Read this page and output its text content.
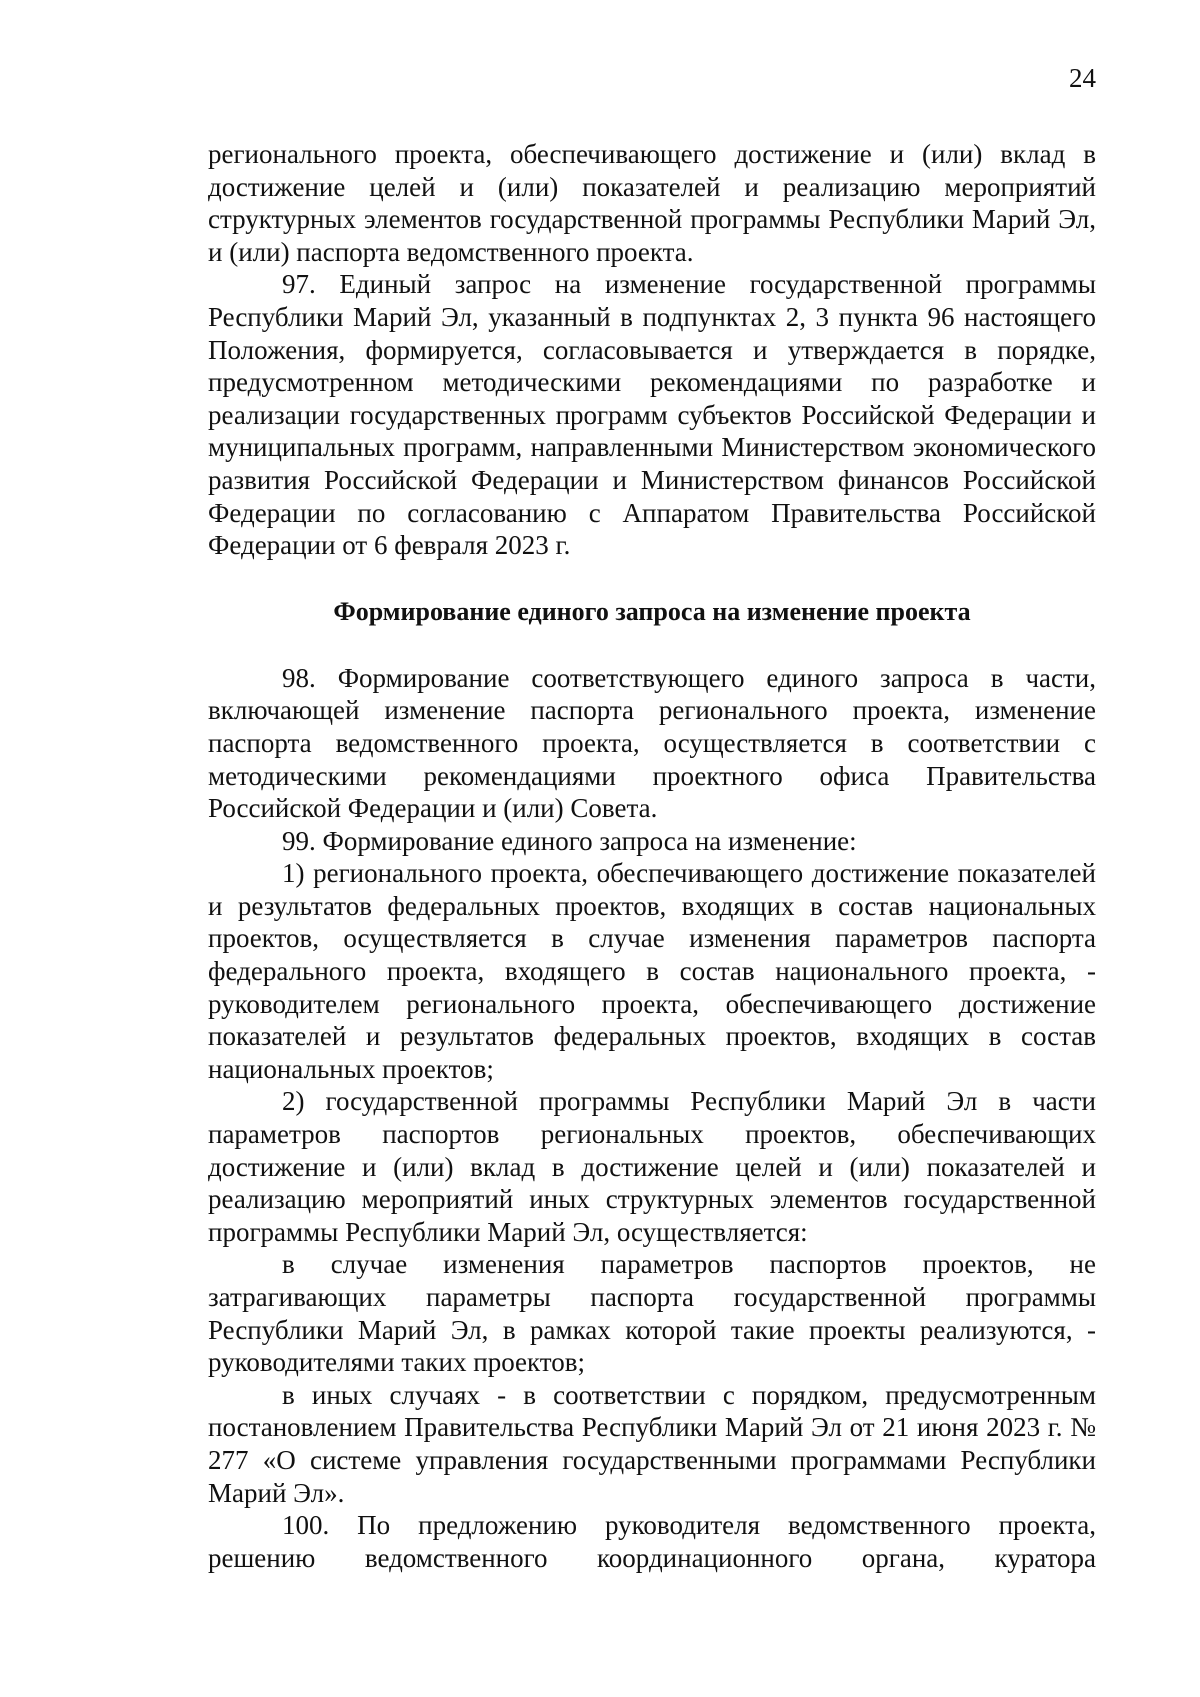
24

регионального проекта, обеспечивающего достижение и (или) вклад в достижение целей и (или) показателей и реализацию мероприятий структурных элементов государственной программы Республики Марий Эл, и (или) паспорта ведомственного проекта.

97. Единый запрос на изменение государственной программы Республики Марий Эл, указанный в подпунктах 2, 3 пункта 96 настоящего Положения, формируется, согласовывается и утверждается в порядке, предусмотренном методическими рекомендациями по разработке и реализации государственных программ субъектов Российской Федерации и муниципальных программ, направленными Министерством экономического развития Российской Федерации и Министерством финансов Российской Федерации по согласованию с Аппаратом Правительства Российской Федерации от 6 февраля 2023 г.

Формирование единого запроса на изменение проекта

98. Формирование соответствующего единого запроса в части, включающей изменение паспорта регионального проекта, изменение паспорта ведомственного проекта, осуществляется в соответствии с методическими рекомендациями проектного офиса Правительства Российской Федерации и (или) Совета.

99. Формирование единого запроса на изменение:

1) регионального проекта, обеспечивающего достижение показателей и результатов федеральных проектов, входящих в состав национальных проектов, осуществляется в случае изменения параметров паспорта федерального проекта, входящего в состав национального проекта, - руководителем регионального проекта, обеспечивающего достижение показателей и результатов федеральных проектов, входящих в состав национальных проектов;

2) государственной программы Республики Марий Эл в части параметров паспортов региональных проектов, обеспечивающих достижение и (или) вклад в достижение целей и (или) показателей и реализацию мероприятий иных структурных элементов государственной программы Республики Марий Эл, осуществляется:

в случае изменения параметров паспортов проектов, не затрагивающих параметры паспорта государственной программы Республики Марий Эл, в рамках которой такие проекты реализуются, - руководителями таких проектов;

в иных случаях - в соответствии с порядком, предусмотренным постановлением Правительства Республики Марий Эл от 21 июня 2023 г. № 277 «О системе управления государственными программами Республики Марий Эл».

100. По предложению руководителя ведомственного проекта, решению ведомственного координационного органа, куратора
